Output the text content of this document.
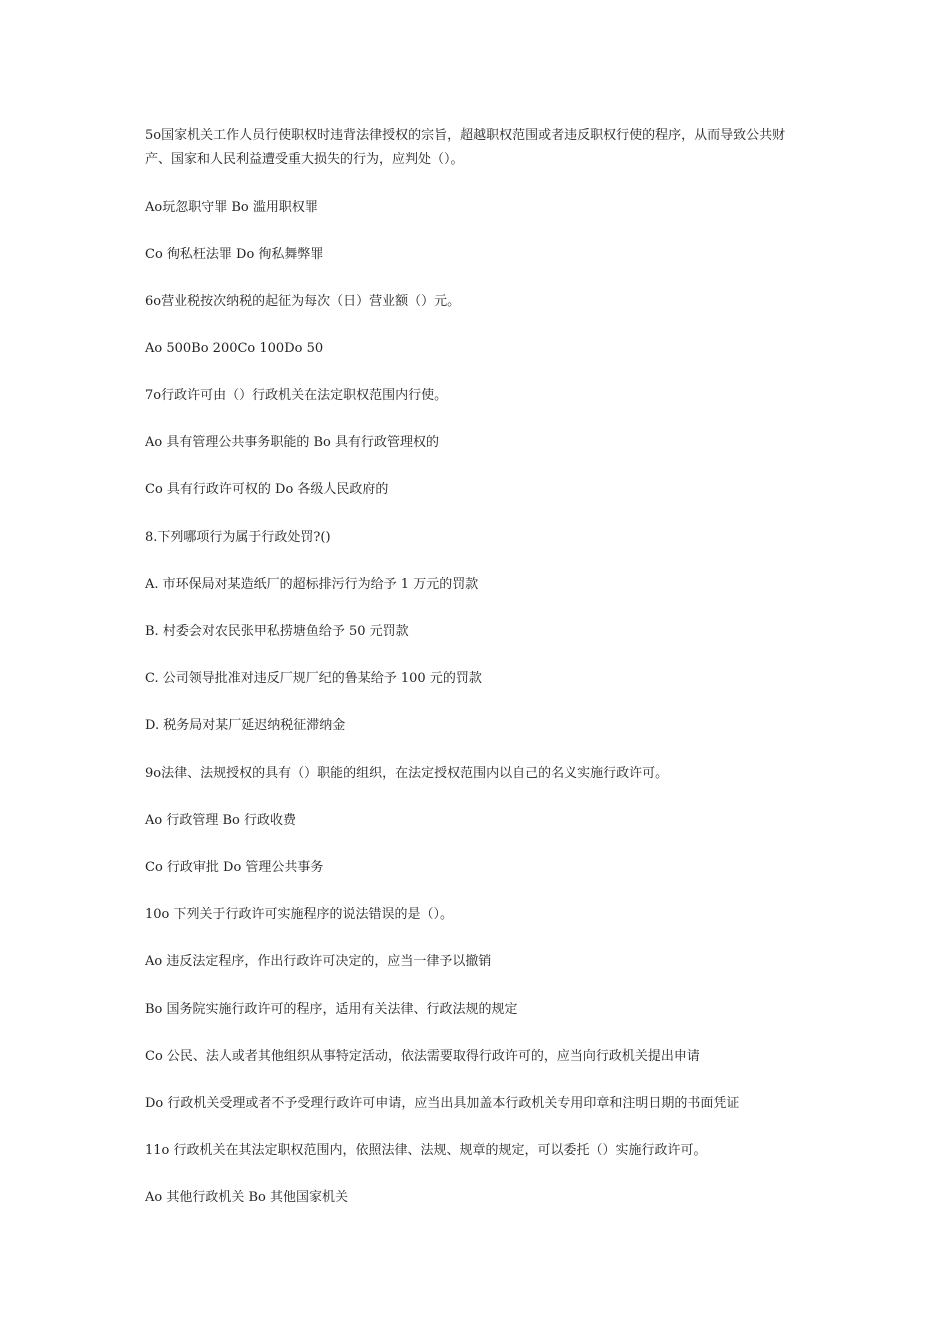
5o国家机关工作人员行使职权时违背法律授权的宗旨，超越职权范围或者违反职权行使的程序，从而导致公共财产、国家和人民利益遭受重大损失的行为，应判处（）。
Ao玩忽职守罪 Bo 滥用职权罪
Co 徇私枉法罪 Do 徇私舞弊罪
6o营业税按次纳税的起征为每次（日）营业额（）元。
Ao 500Bo 200Co 100Do 50
7o行政许可由（）行政机关在法定职权范围内行使。
Ao 具有管理公共事务职能的 Bo 具有行政管理权的
Co 具有行政许可权的 Do 各级人民政府的
8.下列哪项行为属于行政处罚?()
A. 市环保局对某造纸厂的超标排污行为给予 1 万元的罚款
B. 村委会对农民张甲私捞塘鱼给予 50 元罚款
C. 公司领导批准对违反厂规厂纪的鲁某给予 100 元的罚款
D. 税务局对某厂延迟纳税征滞纳金
9o法律、法规授权的具有（）职能的组织，在法定授权范围内以自己的名义实施行政许可。
Ao 行政管理 Bo 行政收费
Co 行政审批 Do 管理公共事务
10o 下列关于行政许可实施程序的说法错误的是（）。
Ao 违反法定程序，作出行政许可决定的，应当一律予以撤销
Bo 国务院实施行政许可的程序，适用有关法律、行政法规的规定
Co 公民、法人或者其他组织从事特定活动，依法需要取得行政许可的，应当向行政机关提出申请
Do 行政机关受理或者不予受理行政许可申请，应当出具加盖本行政机关专用印章和注明日期的书面凭证
11o 行政机关在其法定职权范围内，依照法律、法规、规章的规定，可以委托（）实施行政许可。
Ao 其他行政机关 Bo 其他国家机关
